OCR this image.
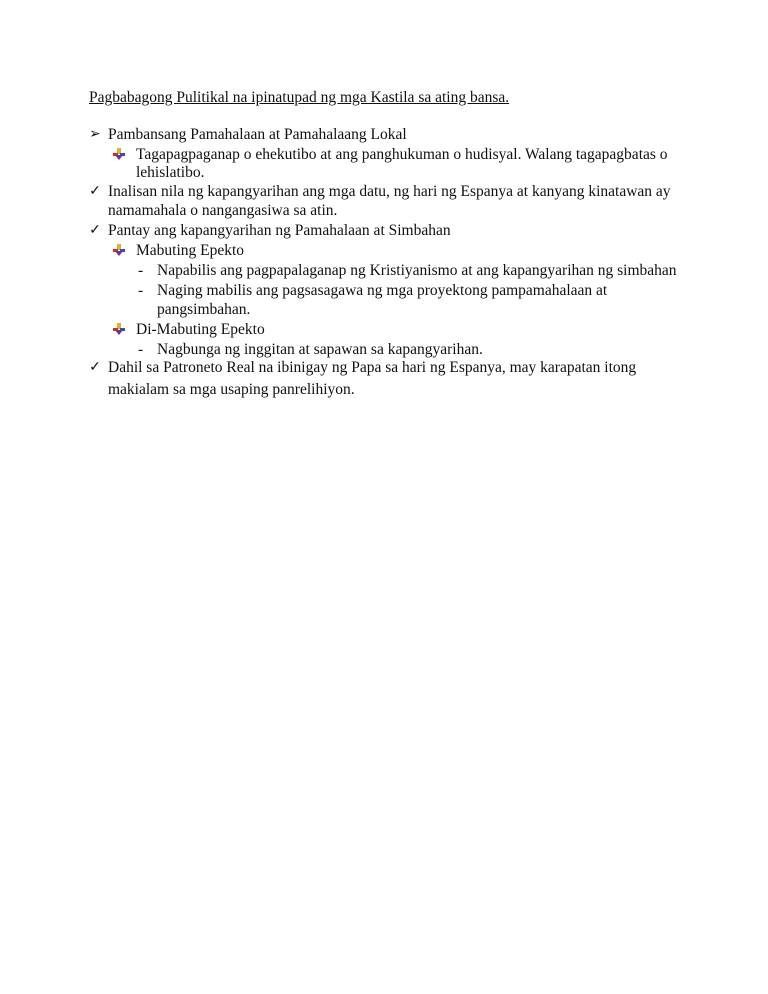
Pagbabagong Pulitikal na ipinatupad ng mga Kastila sa ating bansa.
➢ Pambansang Pamahalaan at Pamahalaang Lokal
Tagapagpaganap o ehekutibo at ang panghukuman o hudisyal. Walang tagapagbatas o
lehislatibo.
✓ Inalisan nila ng kapangyarihan ang mga datu, ng hari ng Espanya at kanyang kinatawan ay
namamahala o nangangasiwa sa atin.
✓ Pantay ang kapangyarihan ng Pamahalaan at Simbahan
Mabuting Epekto
- Napabilis ang pagpapalaganap ng Kristiyanismo at ang kapangyarihan ng simbahan
- Naging mabilis ang pagsasagawa ng mga proyektong pampamahalaan at
pangsimbahan.
Di-Mabuting Epekto
- Nagbunga ng inggitan at sapawan sa kapangyarihan.
✓ Dahil sa Patroneto Real na ibinigay ng Papa sa hari ng Espanya, may karapatan itong
makialam sa mga usaping panrelihiyon.
